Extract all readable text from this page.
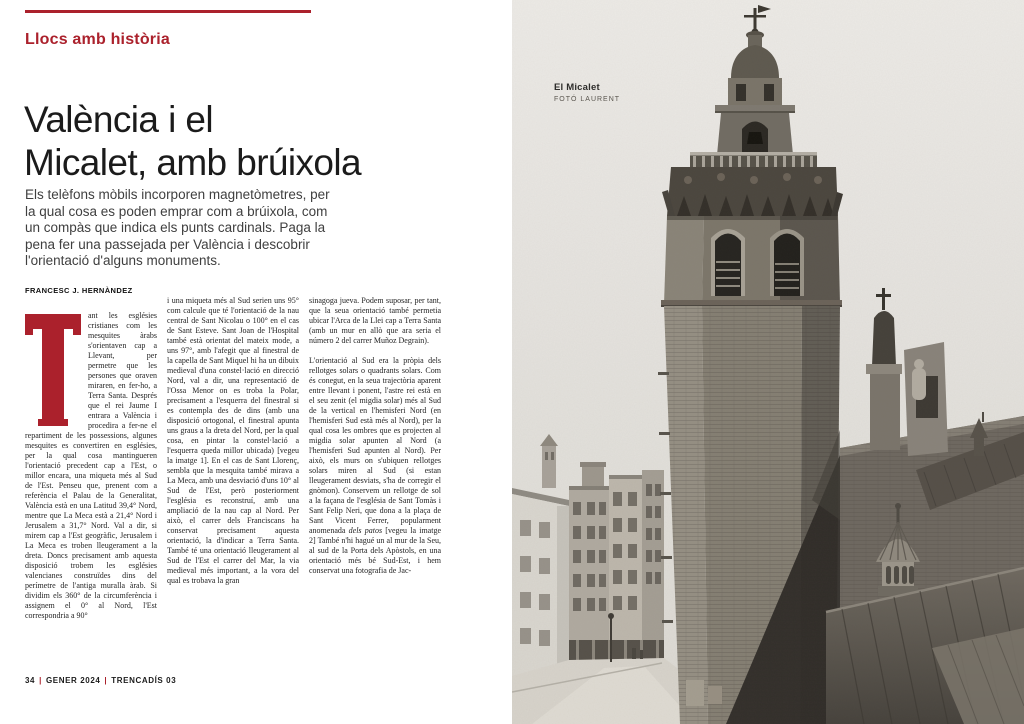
Llocs amb història
València i el
Micalet, amb brúixola

Els telèfons mòbils incorporen magnetòmetres, per la qual cosa es poden emprar com a brúixola, com un compàs que indica els punts cardinals. Paga la pena fer una passejada per València i descobrir l'orientació d'alguns monuments.

FRANCESC J. HERNÀNDEZ
ant les esglésies cristianes com les mesquites àrabs s'orientaven cap a Llevant, per permetre que les persones que oraven miraren, en fer-ho, a Terra Santa. Després que el rei Jaume I entrara a València i procedira a fer-ne el repartiment de les possessions, algunes mesquites es convertiren en esglésies, per la qual cosa mantingueren l'orientació precedent cap a l'Est, o millor encara, una miqueta més al Sud de l'Est. Penseu que, prenent com a referència el Palau de la Generalitat, València està en una Latitud 39,4° Nord, mentre que La Meca està a 21,4° Nord i Jerusalem a 31,7° Nord. Val a dir, si mirem cap a l'Est geogràfic, Jerusalem i La Meca es troben lleugerament a la dreta. Doncs precisament amb aquesta disposició trobem les esglésies valencianes construïdes dins del perímetre de l'antiga muralla àrab. Si dividim els 360° de la circumferència i assignem el 0° al Nord, l'Est correspondria a 90°
i una miqueta més al Sud serien uns 95° com calcule que té l'orientació de la nau central de Sant Nicolau o 100° en el cas de Sant Esteve. Sant Joan de l'Hospital també està orientat del mateix mode, a uns 97°, amb l'afegit que al finestral de la capella de Sant Miquel hi ha un dibuix medieval d'una constel·lació en direcció Nord, val a dir, una representació de l'Ossa Menor on es troba la Polar, precisament a l'esquerra del finestral si es contempla des de dins (amb una disposició ortogonal, el finestral apunta uns graus a la dreta del Nord, per la qual cosa, en pintar la constel·lació a l'esquerra queda millor ubicada) [vegeu la imatge 1]. En el cas de Sant Llorenç, sembla que la mesquita també mirava a La Meca, amb una desviació d'uns 10° al Sud de l'Est, però posteriorment l'església es reconstruí, amb una ampliació de la nau cap al Nord. Per això, el carrer dels Franciscans ha conservat precisament aquesta orientació, la d'indicar a Terra Santa. També té una orientació lleugerament al Sud de l'Est el carrer del Mar, la via medieval més important, a la vora del qual es trobava la gran

sinagoga jueva. Podem suposar, per tant, que la seua orientació també permetia ubicar l'Arca de la Llei cap a Terra Santa (amb un mur en allò que ara seria el número 2 del carrer Muñoz Degrain).

L'orientació al Sud era la pròpia dels rellotges solars o quadrants solars. Com és conegut, en la seua trajectòria aparent entre llevant i ponent, l'astre rei està en el seu zenit (el migdia solar) més al Sud de la vertical en l'hemisferi Nord (en l'hemisferi Sud està més al Nord), per la qual cosa les ombres que es projecten al migdia solar apunten al Nord (a l'hemisferi Sud apunten al Nord). Per això, els murs on s'ubiquen rellotges solars miren al Sud (si estan lleugerament desviats, s'ha de corregir el gnòmon). Conservem un rellotge de sol a la façana de l'església de Sant Tomàs i Sant Felip Neri, que dona a la plaça de Sant Vicent Ferrer, popularment anomenada dels patos [vegeu la imatge 2] També n'hi hagué un al mur de la Seu, al sud de la Porta dels Apòstols, en una orientació més bé Sud-Est, i hem conservat una fotografia de Jac-

34 | GENER 2024 | TRENCADÍS 03
El Micalet
FOTÓ LAURENT
